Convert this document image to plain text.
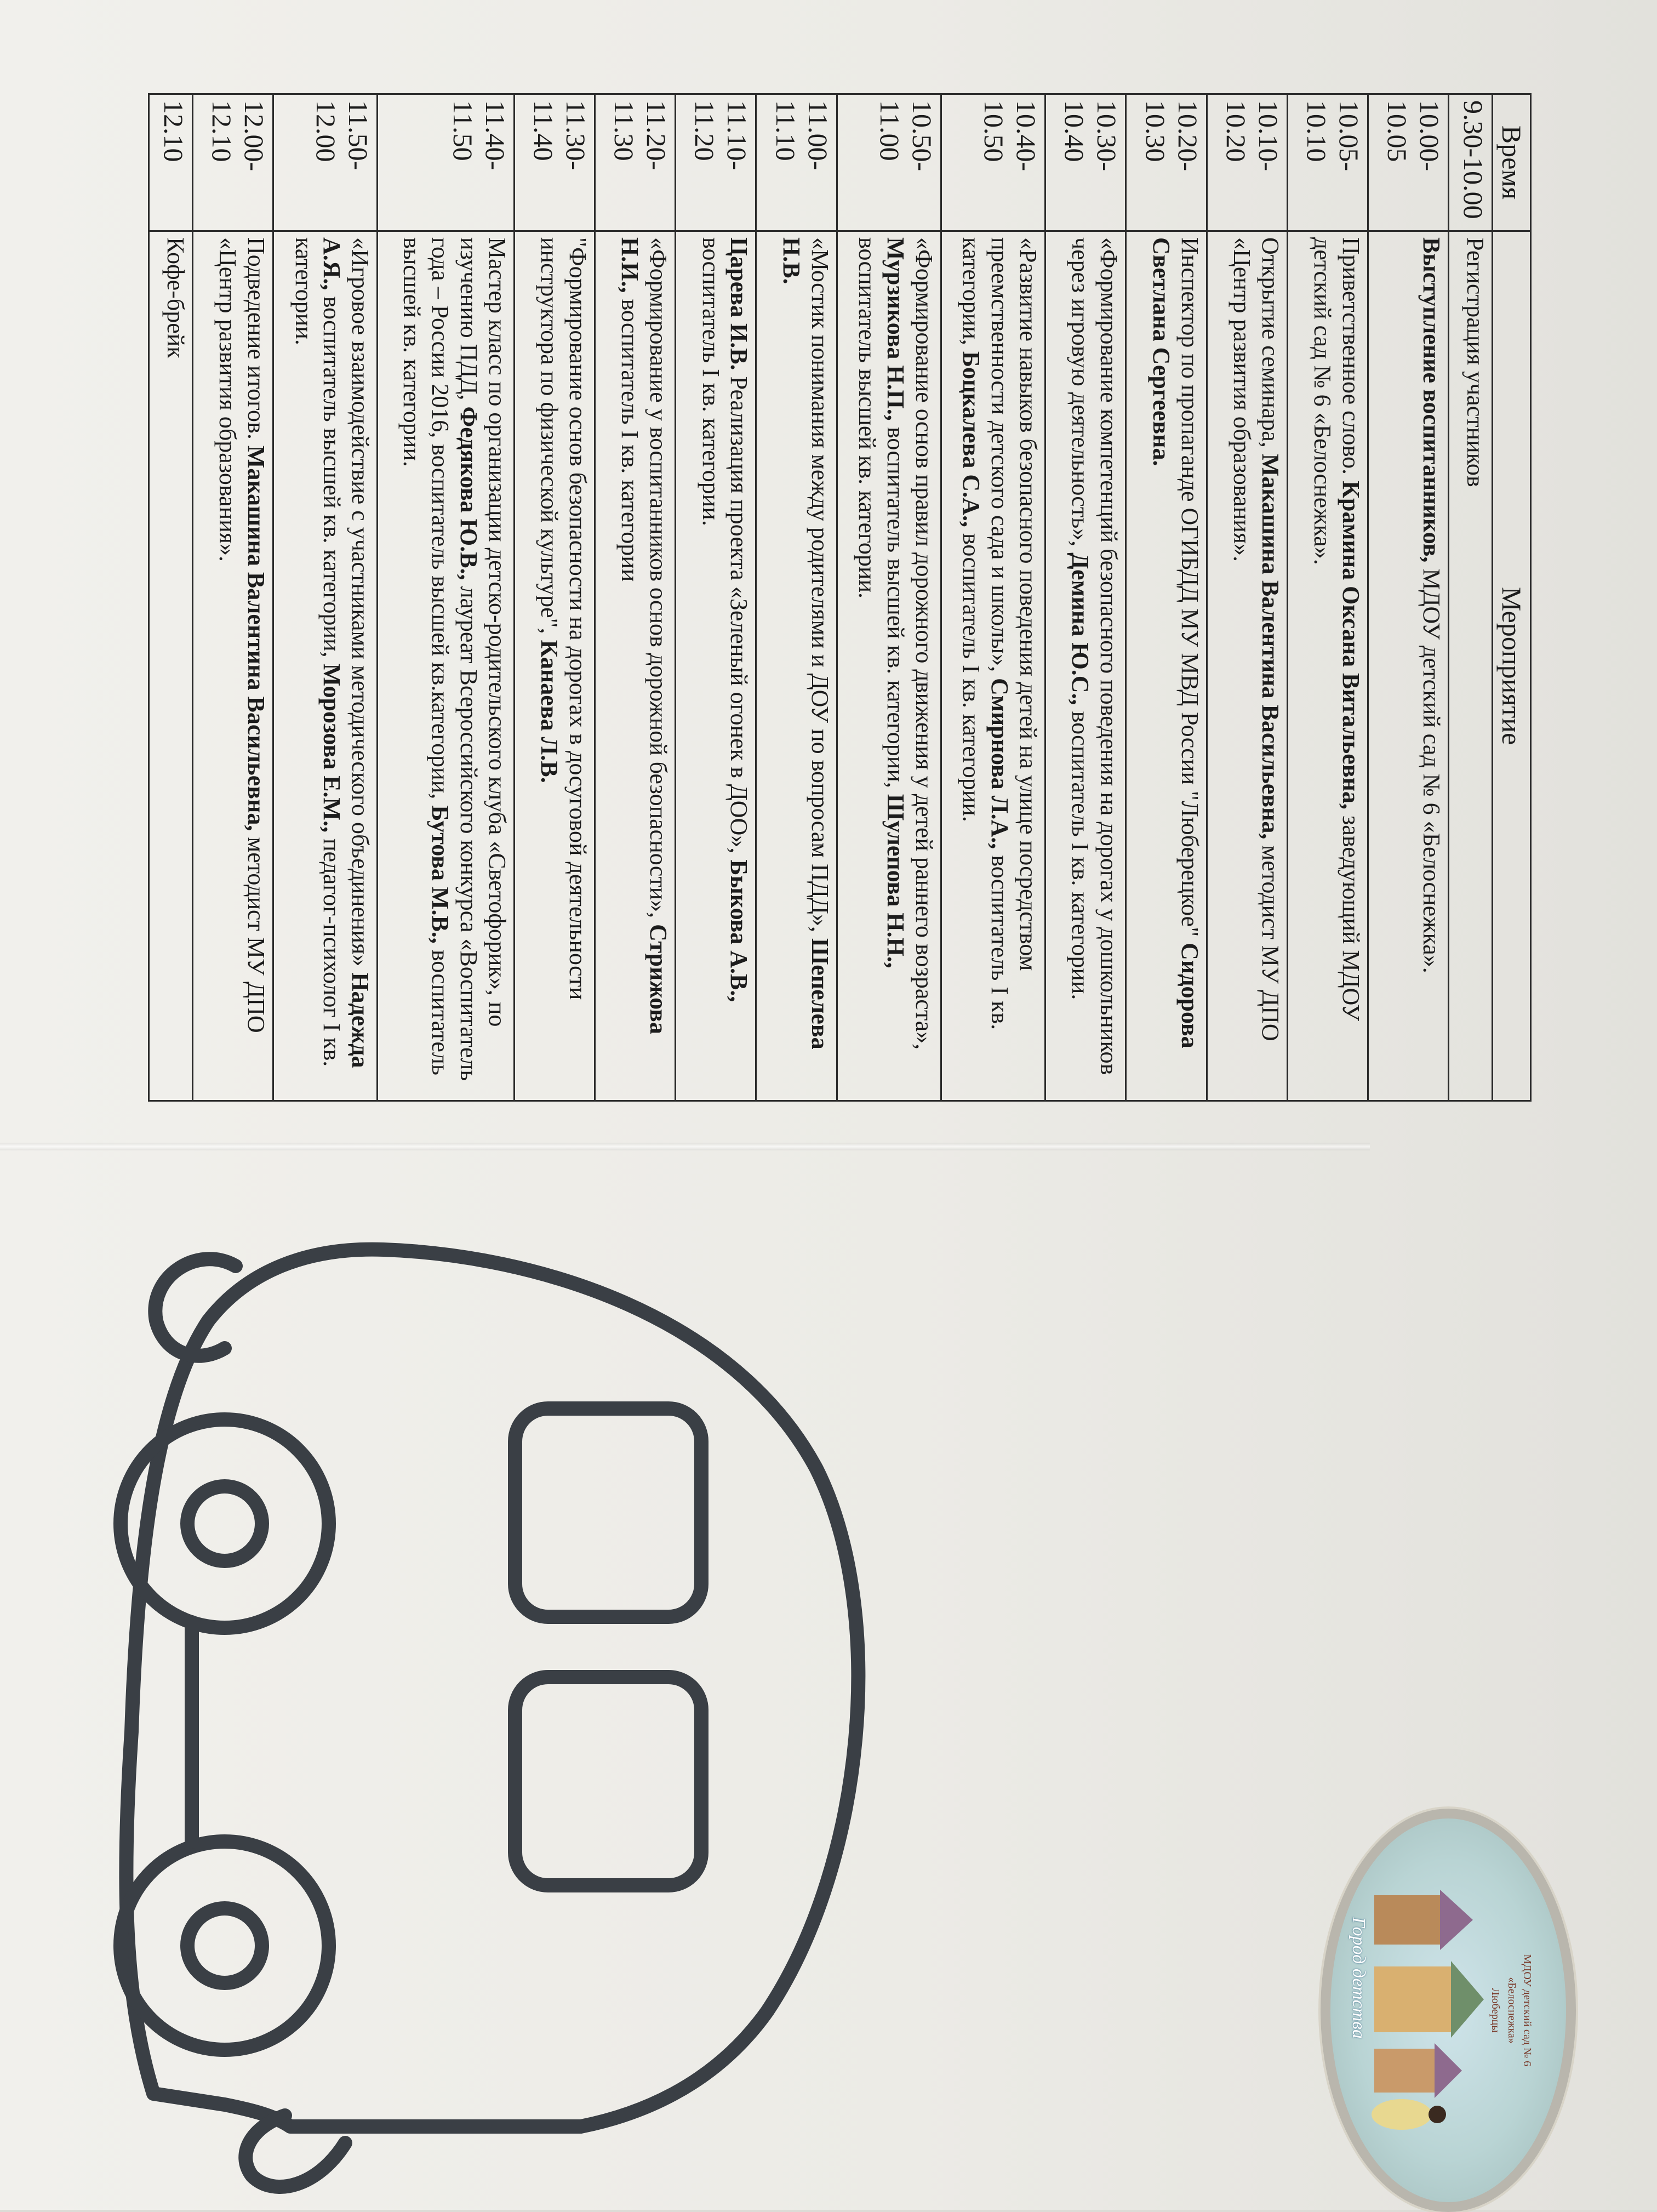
Время	Мероприятие
9.30-10.00	Регистрация участников
10.00-10.05	Выступление воспитанников, МДОУ детский сад № 6 «Белоснежка».
10.05-10.10	Приветственное слово. Крамина Оксана Витальевна, заведующий МДОУ детский сад № 6 «Белоснежка».
10.10-10.20	Открытие семинара, Макашина Валентина Васильевна, методист МУ ДПО «Центр развития образования».
10.20-10.30	Инспектор по пропаганде ОГИБДД МУ МВД России "Люберецкое" Сидорова Светлана Сергеевна.
10.30-10.40	«Формирование компетенций безопасного поведения на дорогах у дошкольников через игровую деятельность», Демина Ю.С., воспитатель I кв. категории.
10.40-10.50	«Развитие навыков безопасного поведения детей на улице посредством преемственности детского сада и школы», Смирнова Л.А., воспитатель I кв. категории, Боцкалева С.А., воспитатель I кв. категории.
10.50-11.00	«Формирование основ правил дорожного движения у детей раннего возраста», Мурзикова Н.П., воспитатель высшей кв. категории, Шулепова Н.Н., воспитатель высшей кв. категории.
11.00-11.10	«Мостик понимания между родителями и ДОУ по вопросам ПДД», Шепелева Н.В.
11.10-11.20	Царева И.В. Реализация проекта «Зеленый огонек в ДОО», Быкова А.В., воспитатель I кв. категории.
11.20-11.30	«Формирование у воспитанников основ дорожной безопасности», Стрижова Н.И., воспитатель I кв. категории
11.30-11.40	"Формирование основ безопасности на дорогах в досуговой деятельности инструктора по физической культуре", Канаева Л.В.
11.40-11.50	Мастер класс по организации детско-родительского клуба «Светофорик», по изучению ПДД, Федякова Ю.В., лауреат Всероссийского конкурса «Воспитатель года – России 2016, воспитатель высшей кв.категории, Бутова М.В., воспитатель высшей кв. категории.
11.50-12.00	«Игровое взаимодействие с участниками методического объединения» Надежда А.Я., воспитатель высшей кв. категории, Морозова Е.М., педагог-психолог I кв. категории.
12.00-12.10	Подведение итогов. Макашина Валентина Васильевна, методист МУ ДПО «Центр развития образования».
12.10	Кофе-брейк
МДОУ детский сад № 6
«Белоснежка»
Люберцы
Город детства
